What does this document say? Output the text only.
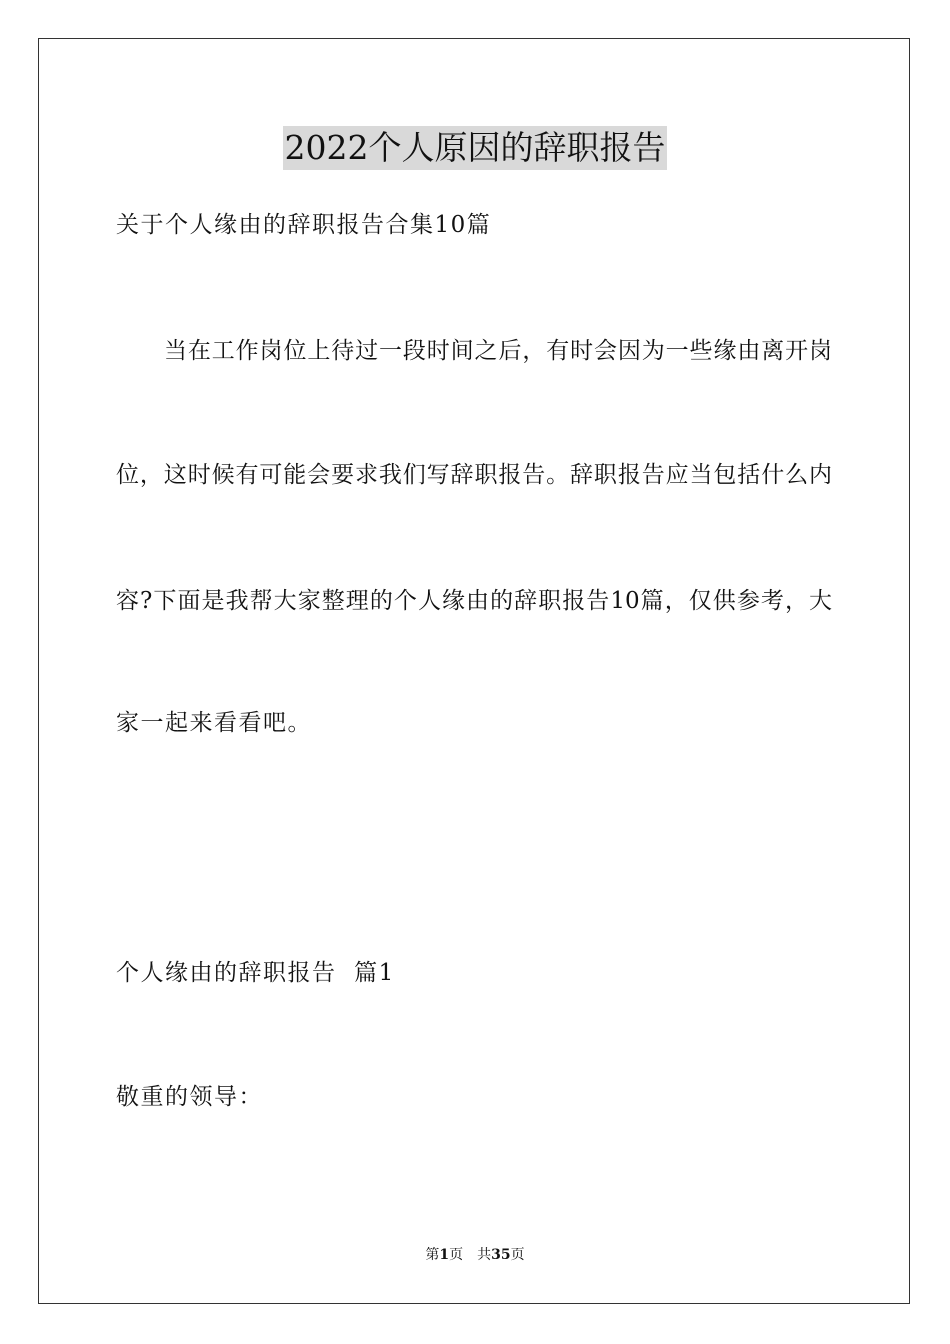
2022个人原因的辞职报告
关于个人缘由的辞职报告合集10篇
当在工作岗位上待过一段时间之后，有时会因为一些缘由离开岗
位，这时候有可能会要求我们写辞职报告。辞职报告应当包括什么内
容?下面是我帮大家整理的个人缘由的辞职报告10篇，仅供参考，大
家一起来看看吧。
个人缘由的辞职报告  篇1
敬重的领导：
第1页 共35页
